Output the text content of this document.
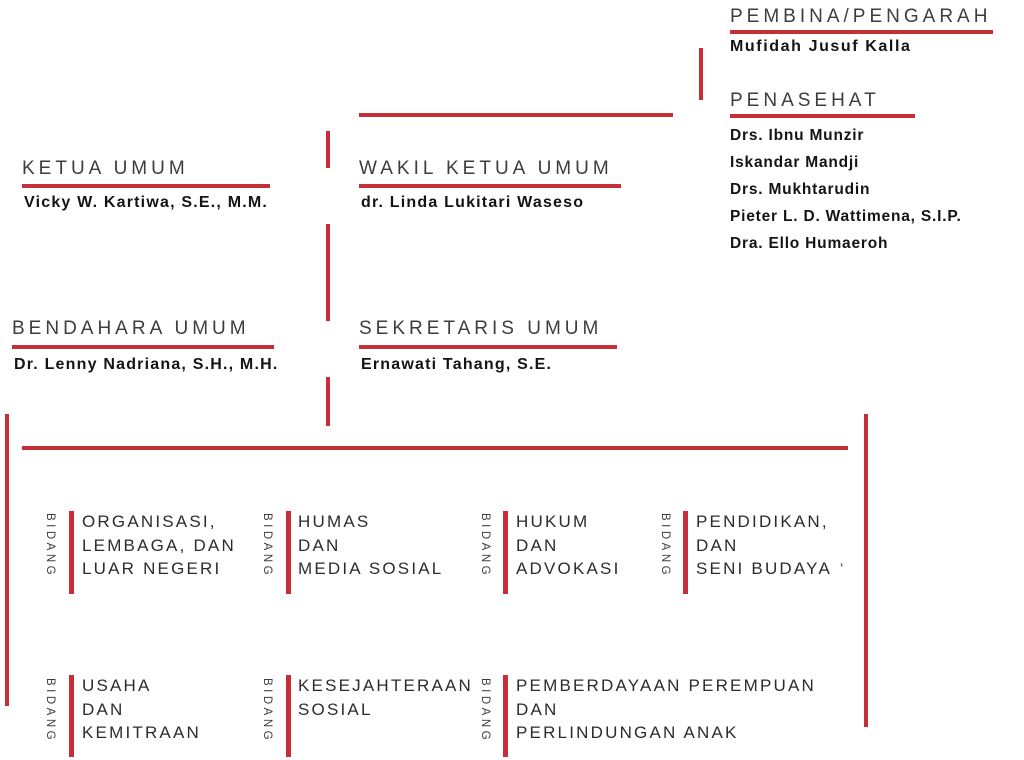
PEMBINA/PENGARAH
Mufidah Jusuf Kalla
PENASEHAT
Drs. Ibnu Munzir
Iskandar Mandji
Drs. Mukhtarudin
Pieter L. D. Wattimena, S.I.P.
Dra. Ello Humaeroh
KETUA UMUM
Vicky W. Kartiwa, S.E., M.M.
WAKIL KETUA UMUM
dr. Linda Lukitari Waseso
BENDAHARA UMUM
Dr. Lenny Nadriana, S.H., M.H.
SEKRETARIS UMUM
Ernawati Tahang, S.E.
BIDANG ORGANISASI,
LEMBAGA, DAN
LUAR NEGERI	BIDANG HUMAS
DAN
MEDIA SOSIAL	BIDANG HUKUM
DAN
ADVOKASI	BIDANG PENDIDIKAN,
DAN
SENI BUDAYA ‘
BIDANG USAHA
DAN
KEMITRAAN	BIDANG KESEJAHTERAAN
SOSIAL	BIDANG PEMBERDAYAAN PEREMPUAN
DAN
PERLINDUNGAN ANAK
